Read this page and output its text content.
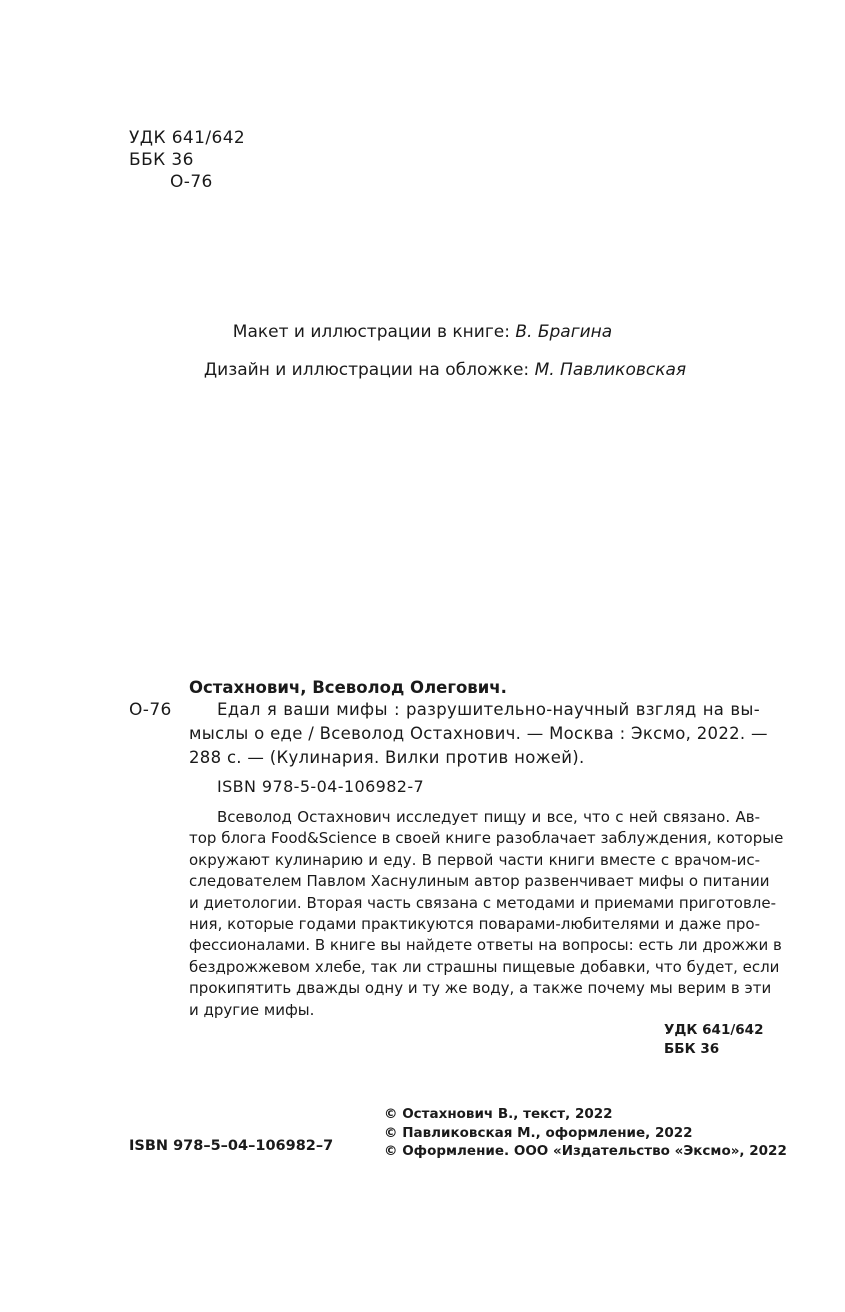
УДК 641/642
ББК 36
О-76
Макет и иллюстрации в книге: В. Брагина
Дизайн и иллюстрации на обложке: М. Павликовская
Остахнович, Всеволод Олегович.
О-76	Едал я ваши мифы : разрушительно-научный взгляд на вы-
мыслы о еде / Всеволод Остахнович. — Москва : Эксмо, 2022. —
288 с. — (Кулинария. Вилки против ножей).
ISBN 978-5-04-106982-7
Всеволод Остахнович исследует пищу и все, что с ней связано. Ав-
тор блога Food&Science в своей книге разоблачает заблуждения, которые
окружают кулинарию и еду. В первой части книги вместе с врачом-ис-
следователем Павлом Хаснулиным автор развенчивает мифы о питании
и диетологии. Вторая часть связана с методами и приемами приготовле-
ния, которые годами практикуются поварами-любителями и даже про-
фессионалами. В книге вы найдете ответы на вопросы: есть ли дрожжи в
бездрожжевом хлебе, так ли страшны пищевые добавки, что будет, если
прокипятить дважды одну и ту же воду, а также почему мы верим в эти
и другие мифы.
УДК 641/642
ББК 36
© Остахнович В., текст, 2022
© Павликовская М., оформление, 2022
© Оформление. ООО «Издательство «Эксмо», 2022
ISBN 978–5–04–106982–7
